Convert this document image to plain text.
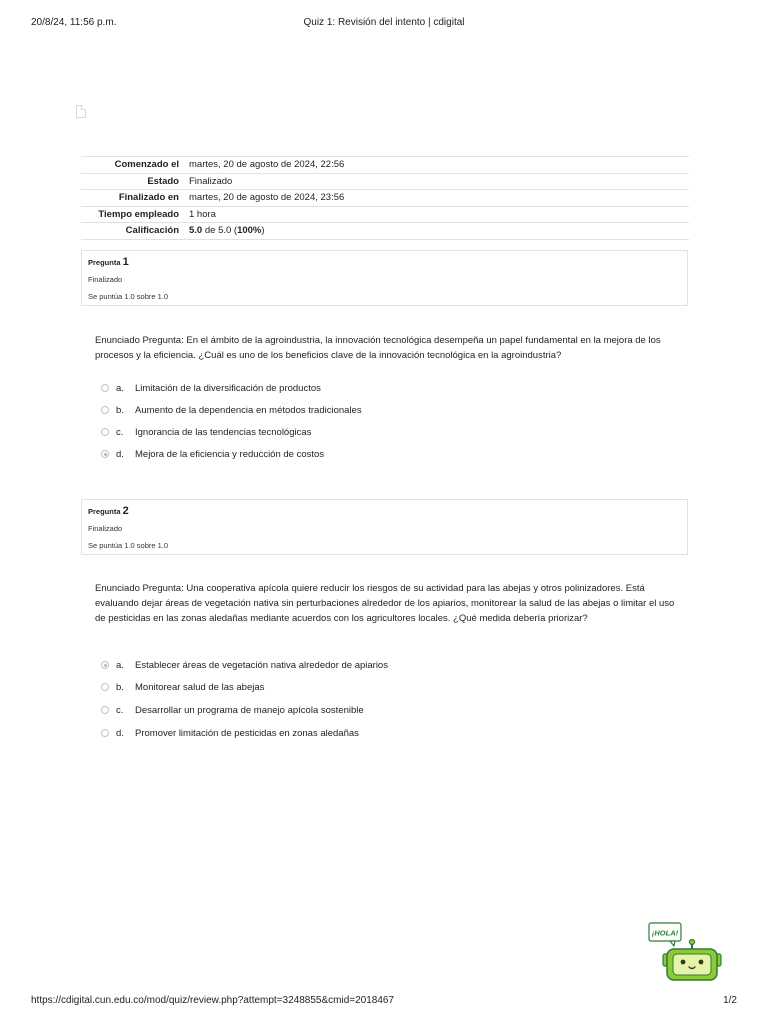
20/8/24, 11:56 p.m.	Quiz 1: Revisión del intento | cdigital
Comenzado el	martes, 20 de agosto de 2024, 22:56
Estado	Finalizado
Finalizado en	martes, 20 de agosto de 2024, 23:56
Tiempo empleado	1 hora
Calificación	5.0 de 5.0 (100%)
Pregunta 1
Finalizado
Se puntúa 1.0 sobre 1.0
Enunciado Pregunta: En el ámbito de la agroindustria, la innovación tecnológica desempeña un papel fundamental en la mejora de los procesos y la eficiencia. ¿Cuál es uno de los beneficios clave de la innovación tecnológica en la agroindustria?
a.	Limitación de la diversificación de productos
b.	Aumento de la dependencia en métodos tradicionales
c.	Ignorancia de las tendencias tecnológicas
d.	Mejora de la eficiencia y reducción de costos
Pregunta 2
Finalizado
Se puntúa 1.0 sobre 1.0
Enunciado Pregunta: Una cooperativa apícola quiere reducir los riesgos de su actividad para las abejas y otros polinizadores. Está evaluando dejar áreas de vegetación nativa sin perturbaciones alrededor de los apiarios, monitorear la salud de las abejas o limitar el uso de pesticidas en las zonas aledañas mediante acuerdos con los agricultores locales. ¿Qué medida debería priorizar?
a.	Establecer áreas de vegetación nativa alrededor de apiarios
b.	Monitorear salud de las abejas
c.	Desarrollar un programa de manejo apícola sostenible
d.	Promover limitación de pesticidas en zonas aledañas
¡HOLA!
https://cdigital.cun.edu.co/mod/quiz/review.php?attempt=3248855&cmid=2018467	1/2
